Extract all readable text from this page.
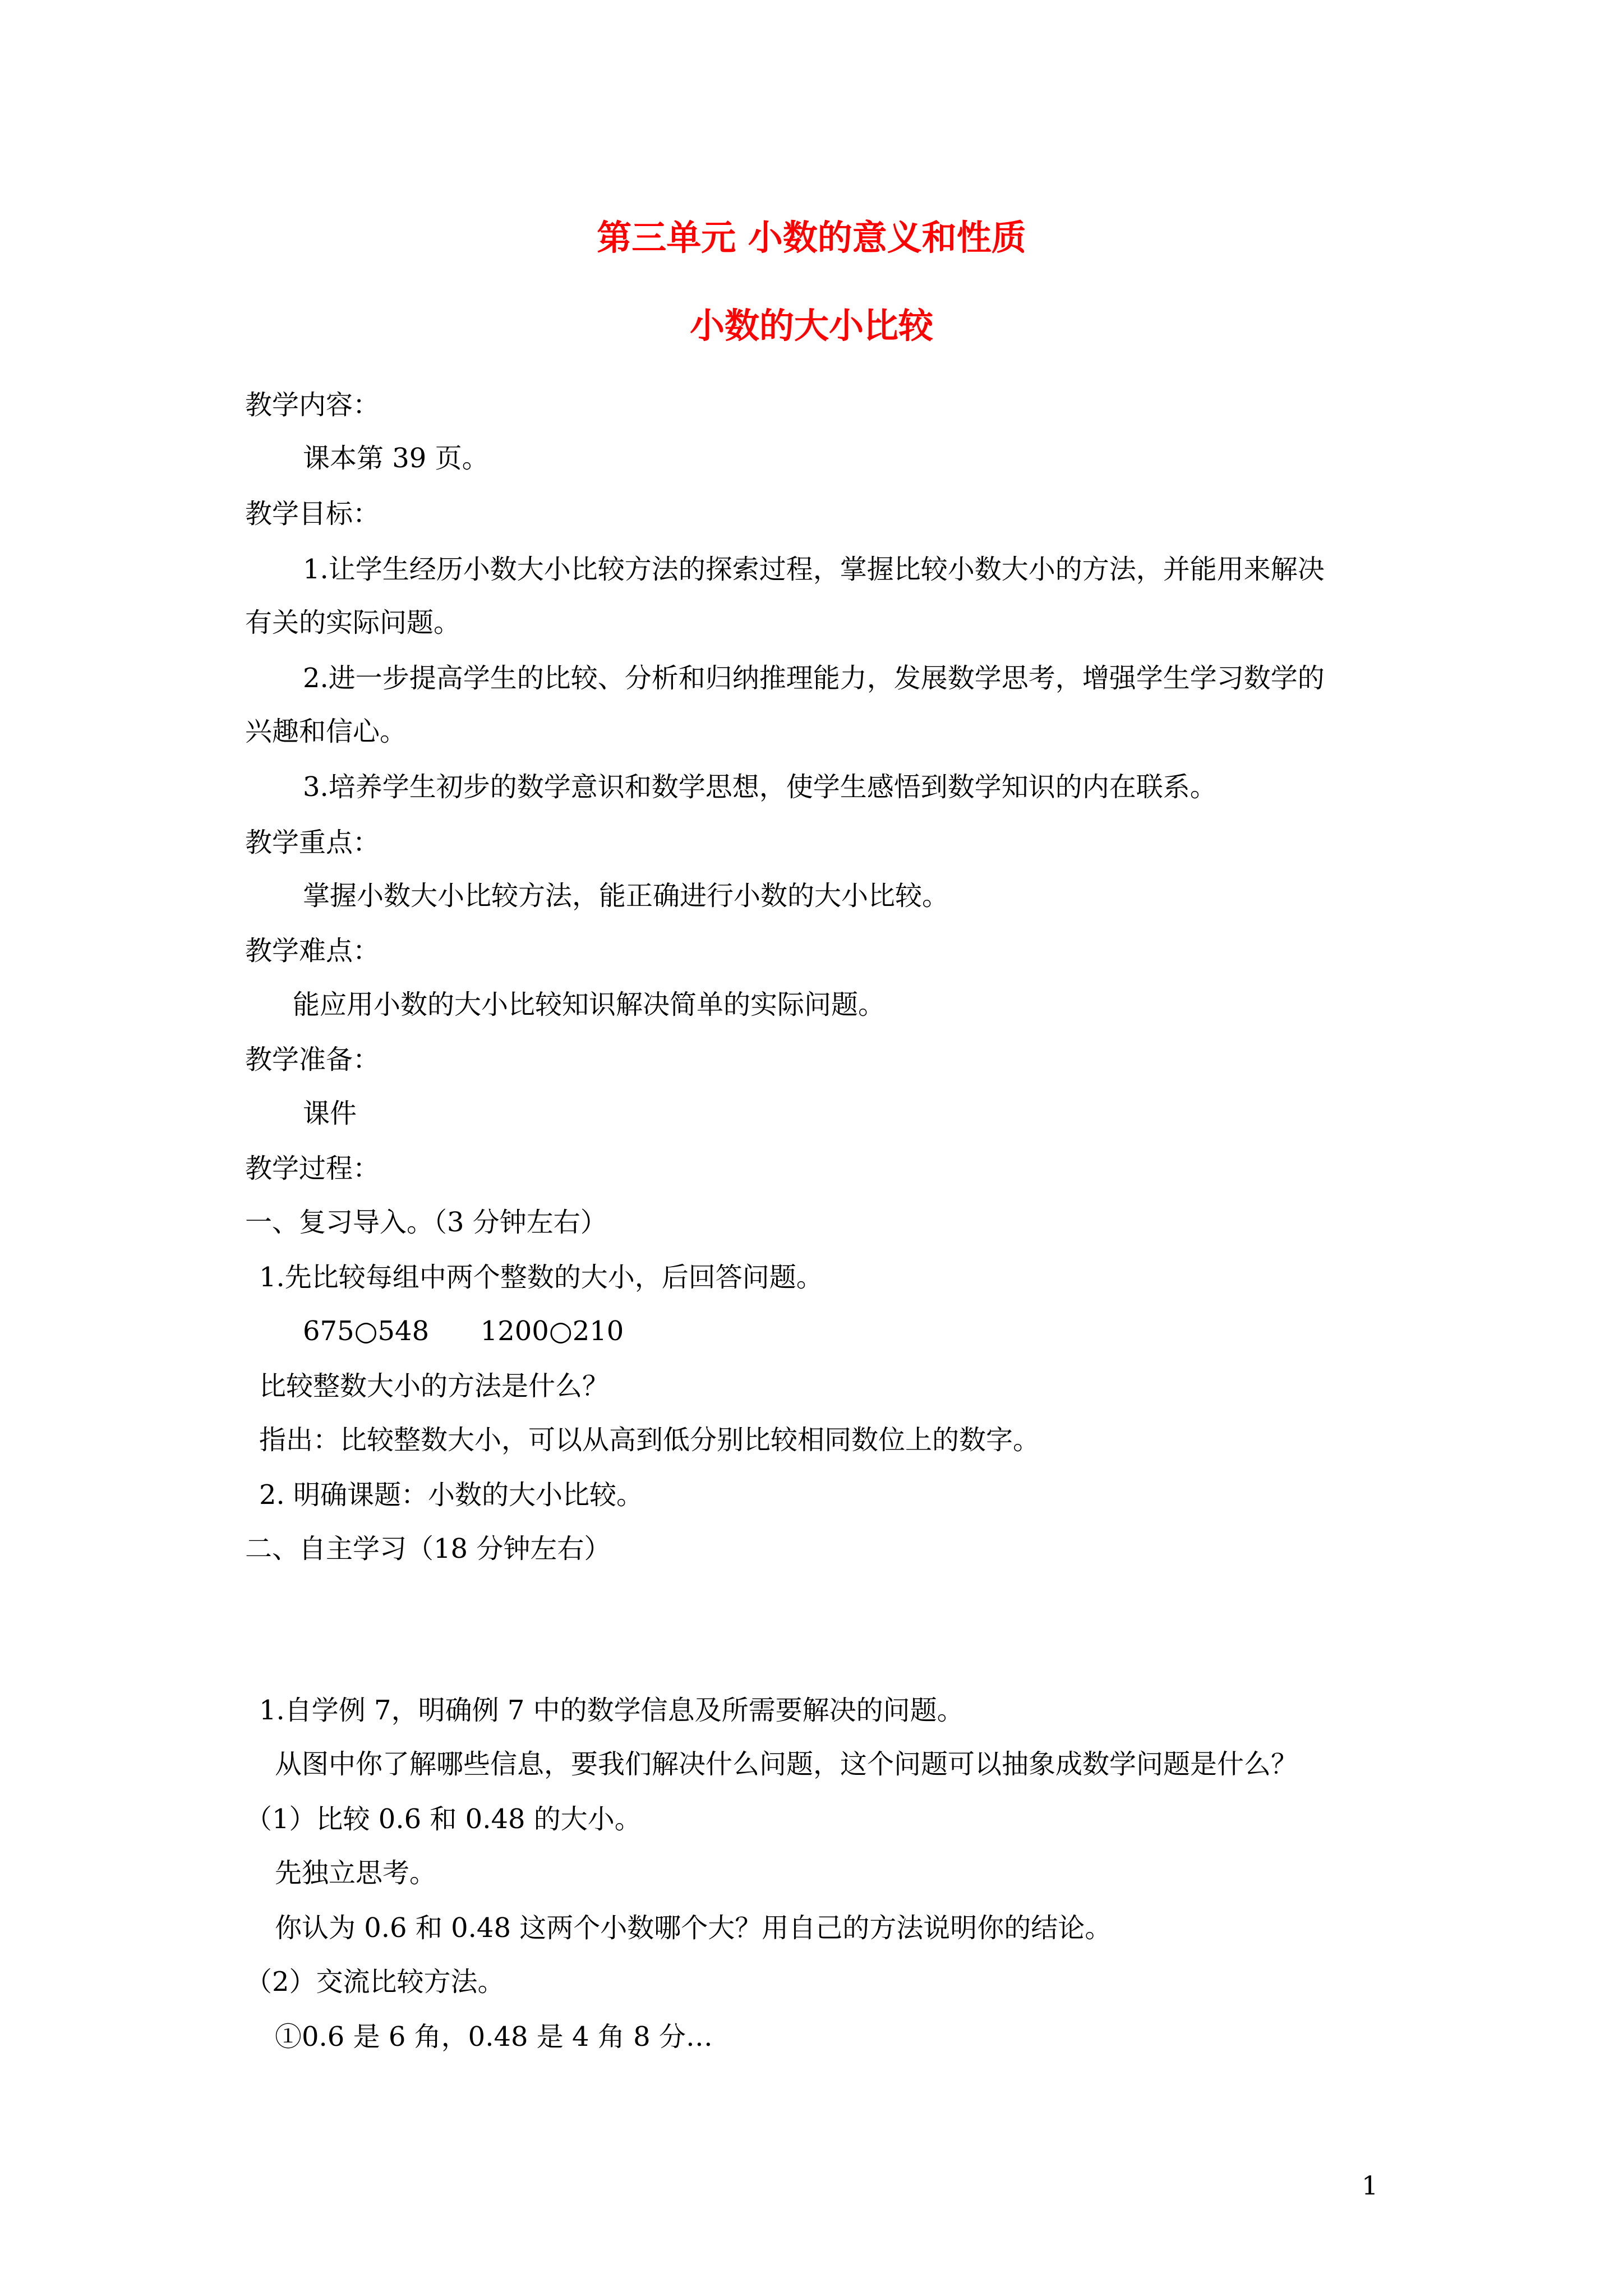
第三单元 小数的意义和性质
小数的大小比较
教学内容：
课本第 39 页。
教学目标：
1.让学生经历小数大小比较方法的探索过程，掌握比较小数大小的方法，并能用来解决
有关的实际问题。
2.进一步提高学生的比较、分析和归纳推理能力，发展数学思考，增强学生学习数学的
兴趣和信心。
3.培养学生初步的数学意识和数学思想，使学生感悟到数学知识的内在联系。
教学重点：
掌握小数大小比较方法，能正确进行小数的大小比较。
教学难点：
能应用小数的大小比较知识解决简单的实际问题。
教学准备：
课件
教学过程：
一、复习导入。（3 分钟左右）
1.先比较每组中两个整数的大小，后回答问题。
675○548      1200○210
比较整数大小的方法是什么？
指出：比较整数大小，可以从高到低分别比较相同数位上的数字。
2. 明确课题：小数的大小比较。
二、自主学习（18 分钟左右）
1.自学例 7，明确例 7 中的数学信息及所需要解决的问题。
从图中你了解哪些信息，要我们解决什么问题，这个问题可以抽象成数学问题是什么？
（1）比较 0.6 和 0.48 的大小。
先独立思考。
你认为 0.6 和 0.48 这两个小数哪个大？用自己的方法说明你的结论。
（2）交流比较方法。
①0.6 是 6 角，0.48 是 4 角 8 分…
1
